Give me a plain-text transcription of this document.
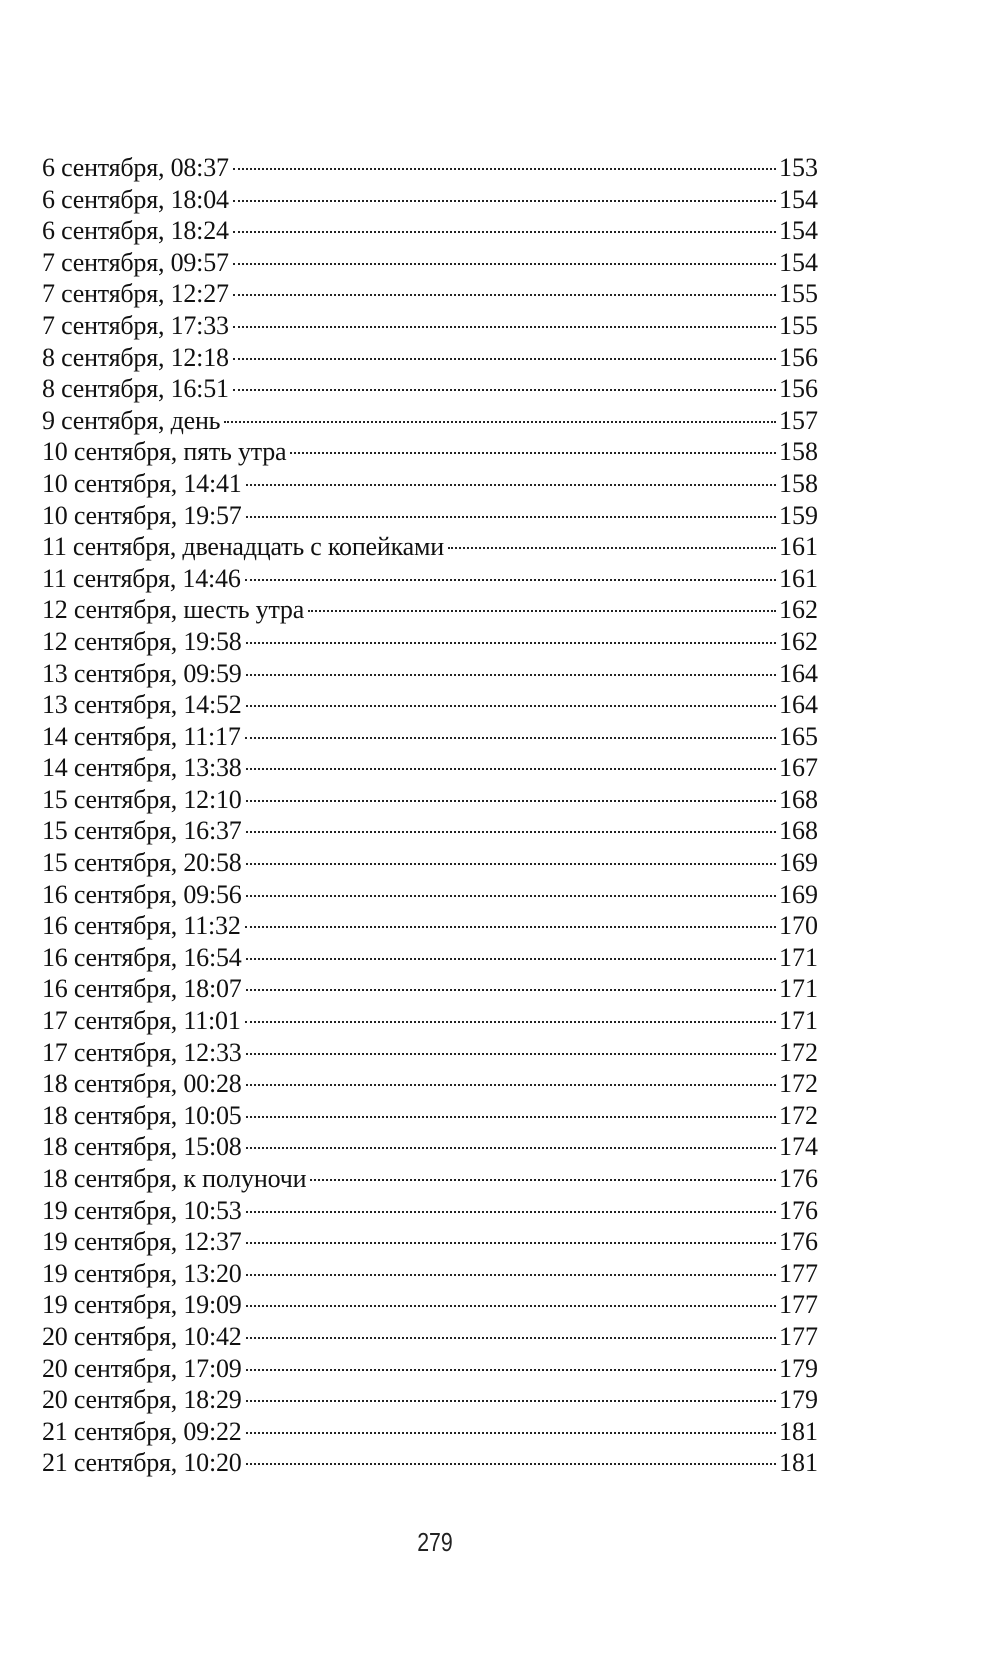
6 сентября, 08:37	153
6 сентября, 18:04	154
6 сентября, 18:24	154
7 сентября, 09:57	154
7 сентября, 12:27	155
7 сентября, 17:33	155
8 сентября, 12:18	156
8 сентября, 16:51	156
9 сентября, день	157
10 сентября, пять утра	158
10 сентября, 14:41	158
10 сентября, 19:57	159
11 сентября, двенадцать с копейками	161
11 сентября, 14:46	161
12 сентября, шесть утра	162
12 сентября, 19:58	162
13 сентября, 09:59	164
13 сентября, 14:52	164
14 сентября, 11:17	165
14 сентября, 13:38	167
15 сентября, 12:10	168
15 сентября, 16:37	168
15 сентября, 20:58	169
16 сентября, 09:56	169
16 сентября, 11:32	170
16 сентября, 16:54	171
16 сентября, 18:07	171
17 сентября, 11:01	171
17 сентября, 12:33	172
18 сентября, 00:28	172
18 сентября, 10:05	172
18 сентября, 15:08	174
18 сентября, к полуночи	176
19 сентября, 10:53	176
19 сентября, 12:37	176
19 сентября, 13:20	177
19 сентября, 19:09	177
20 сентября, 10:42	177
20 сентября, 17:09	179
20 сентября, 18:29	179
21 сентября, 09:22	181
21 сентября, 10:20	181
279
